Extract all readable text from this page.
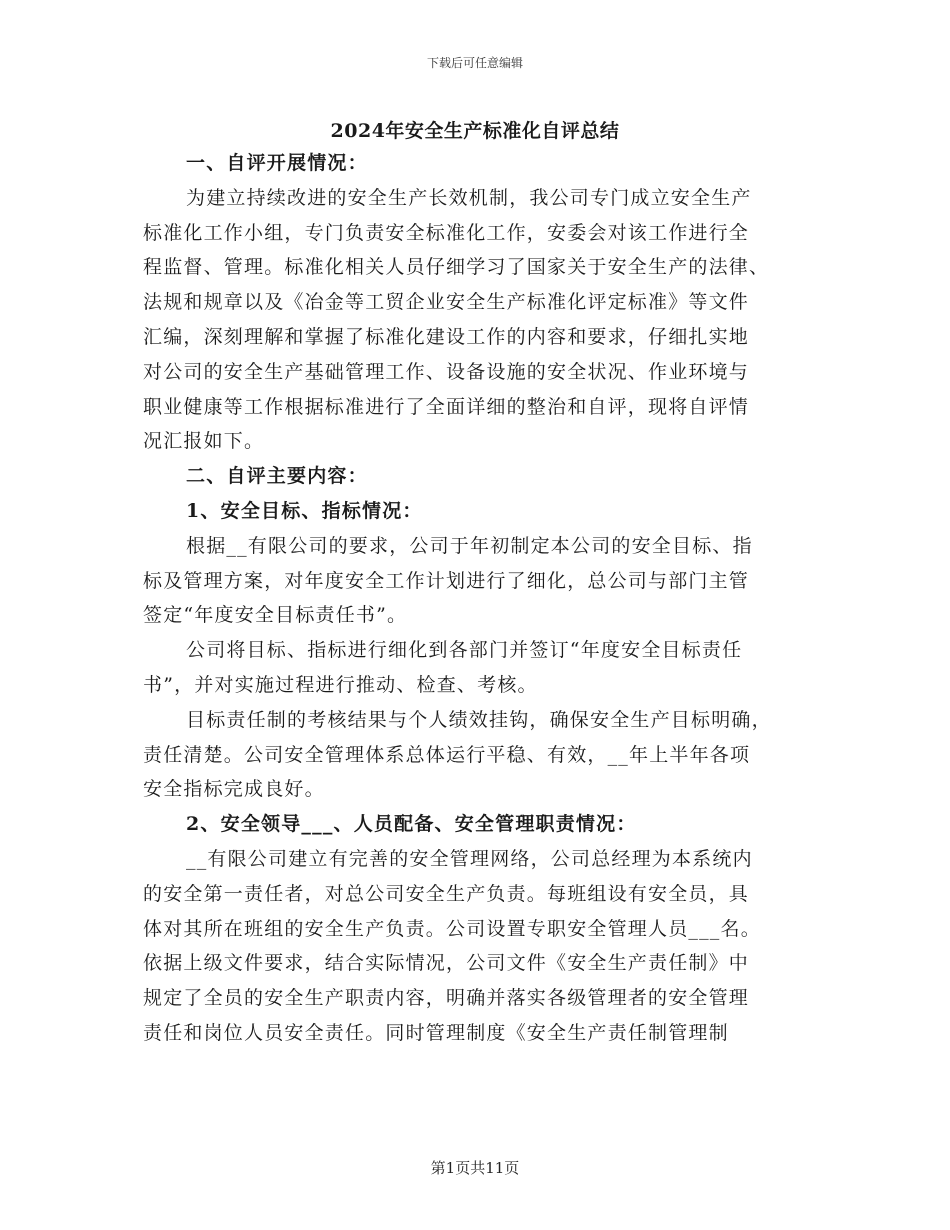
下载后可任意编辑
2024年安全生产标准化自评总结
一、自评开展情况：
为建立持续改进的安全生产长效机制，我公司专门成立安全生产
标准化工作小组，专门负责安全标准化工作，安委会对该工作进行全
程监督、管理。标准化相关人员仔细学习了国家关于安全生产的法律、
法规和规章以及《冶金等工贸企业安全生产标准化评定标准》等文件
汇编，深刻理解和掌握了标准化建设工作的内容和要求，仔细扎实地
对公司的安全生产基础管理工作、设备设施的安全状况、作业环境与
职业健康等工作根据标准进行了全面详细的整治和自评，现将自评情
况汇报如下。
二、自评主要内容：
1、安全目标、指标情况：
根据__有限公司的要求，公司于年初制定本公司的安全目标、指
标及管理方案，对年度安全工作计划进行了细化，总公司与部门主管
签定“年度安全目标责任书”。
公司将目标、指标进行细化到各部门并签订“年度安全目标责任
书”，并对实施过程进行推动、检查、考核。
目标责任制的考核结果与个人绩效挂钩，确保安全生产目标明确，
责任清楚。公司安全管理体系总体运行平稳、有效，__年上半年各项
安全指标完成良好。
2、安全领导___、人员配备、安全管理职责情况：
__有限公司建立有完善的安全管理网络，公司总经理为本系统内
的安全第一责任者，对总公司安全生产负责。每班组设有安全员，具
体对其所在班组的安全生产负责。公司设置专职安全管理人员___名。
依据上级文件要求，结合实际情况，公司文件《安全生产责任制》中
规定了全员的安全生产职责内容，明确并落实各级管理者的安全管理
责任和岗位人员安全责任。同时管理制度《安全生产责任制管理制
第1页共11页
